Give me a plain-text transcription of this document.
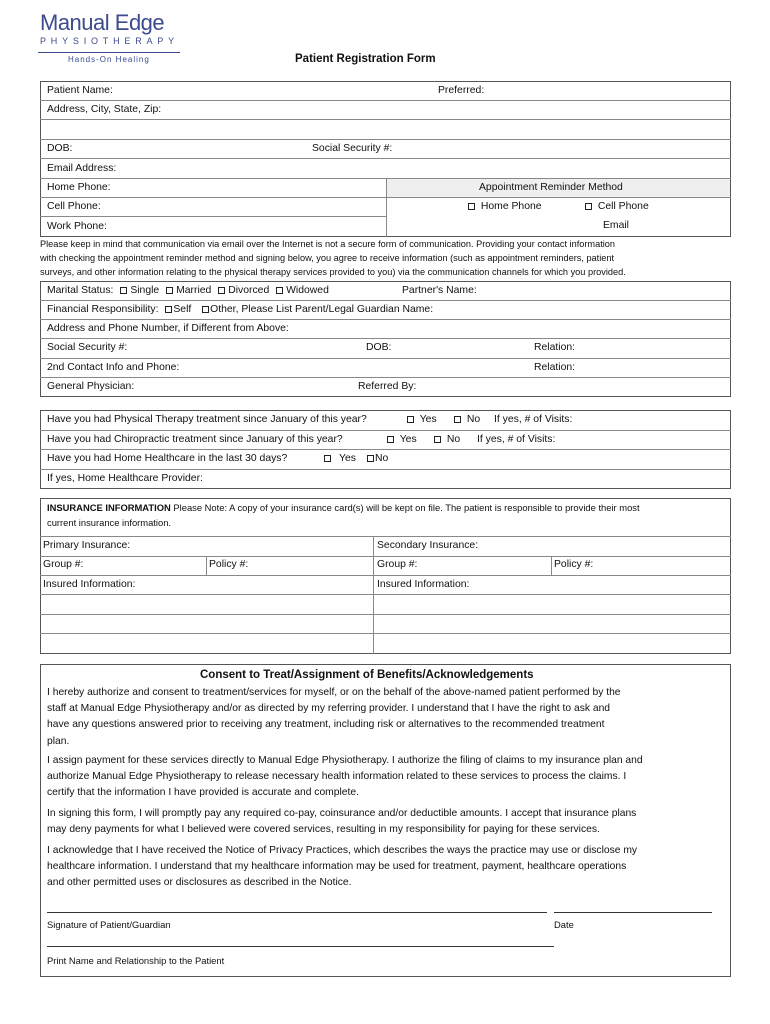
Manual Edge
PHYSIOTHERAPY
Hands-On Healing	Patient Registration Form
Patient Name:	Preferred:
Address, City, State, Zip:
DOB:	Social Security #:
Email Address:
Home Phone:
Cell Phone:
Work Phone:
Appointment Reminder Method
Home Phone	Cell Phone
Email
Please keep in mind that communication via email over the Internet is not a secure form of communication. Providing your contact information
with checking the appointment reminder method and signing below, you agree to receive information (such as appointment reminders, patient
surveys, and other information relating to the physical therapy services provided to you) via the communication channels for which you provided.
Marital Status: Single Married Divorced Widowed	Partner's Name:
Financial Responsibility: Self Other, Please List Parent/Legal Guardian Name:
Address and Phone Number, if Different from Above:
Social Security #:	DOB:	Relation:
2nd Contact Info and Phone:	Relation:
General Physician:	Referred By:
Have you had Physical Therapy treatment since January of this year?	Yes	No If yes, # of Visits:
Have you had Chiropractic treatment since January of this year?	Yes	No If yes, # of Visits:
Have you had Home Healthcare in the last 30 days?	Yes	No
If yes, Home Healthcare Provider:
INSURANCE INFORMATION Please Note: A copy of your insurance card(s) will be kept on file. The patient is responsible to provide their most
current insurance information.
Primary Insurance:	Secondary Insurance:
Group #:	Policy #:	Group #:	Policy #:
Insured Information:	Insured Information:
Consent to Treat/Assignment of Benefits/Acknowledgements
I hereby authorize and consent to treatment/services for myself, or on the behalf of the above-named patient performed by the
staff at Manual Edge Physiotherapy and/or as directed by my referring provider. I understand that I have the right to ask and
have any questions answered prior to receiving any treatment, including risk or alternatives to the recommended treatment
plan.
I assign payment for these services directly to Manual Edge Physiotherapy. I authorize the filing of claims to my insurance plan and
authorize Manual Edge Physiotherapy to release necessary health information related to these services to process the claims. I
certify that the information I have provided is accurate and complete.
In signing this form, I will promptly pay any required co-pay, coinsurance and/or deductible amounts. I accept that insurance plans
may deny payments for what I believed were covered services, resulting in my responsibility for paying for these services.
I acknowledge that I have received the Notice of Privacy Practices, which describes the ways the practice may use or disclose my
healthcare information. I understand that my healthcare information may be used for treatment, payment, healthcare operations
and other permitted uses or disclosures as described in the Notice.
Signature of Patient/Guardian	Date
Print Name and Relationship to the Patient
